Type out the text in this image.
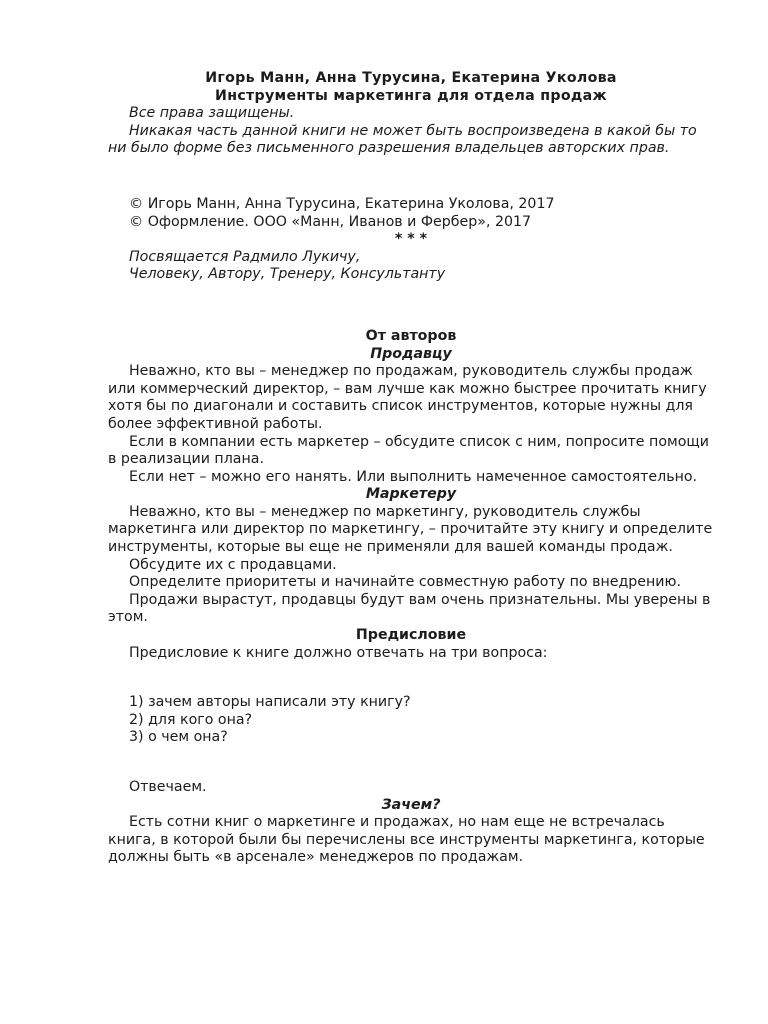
Игорь Манн, Анна Турусина, Екатерина Уколова

Инструменты маркетинга для отдела продаж

Все права защищены.

Никакая часть данной книги не может быть воспроизведена в какой бы то ни было форме без письменного разрешения владельцев авторских прав.

© Игорь Манн, Анна Турусина, Екатерина Уколова, 2017

© Оформление. ООО «Манн, Иванов и Фербер», 2017

* * *

Посвящается Радмило Лукичу,

Человеку, Автору, Тренеру, Консультанту

От авторов

Продавцу

Неважно, кто вы – менеджер по продажам, руководитель службы продаж или коммерческий директор, – вам лучше как можно быстрее прочитать книгу хотя бы по диагонали и составить список инструментов, которые нужны для более эффективной работы.

Если в компании есть маркетер – обсудите список с ним, попросите помощи в реализации плана.

Если нет – можно его нанять. Или выполнить намеченное самостоятельно.

Маркетеру

Неважно, кто вы – менеджер по маркетингу, руководитель службы маркетинга или директор по маркетингу, – прочитайте эту книгу и определите инструменты, которые вы еще не применяли для вашей команды продаж.

Обсудите их с продавцами.

Определите приоритеты и начинайте совместную работу по внедрению.

Продажи вырастут, продавцы будут вам очень признательны. Мы уверены в этом.

Предисловие

Предисловие к книге должно отвечать на три вопроса:

1) зачем авторы написали эту книгу?

2) для кого она?

3) о чем она?

Отвечаем.

Зачем?

Есть сотни книг о маркетинге и продажах, но нам еще не встречалась книга, в которой были бы перечислены все инструменты маркетинга, которые должны быть «в арсенале» менеджеров по продажам.
